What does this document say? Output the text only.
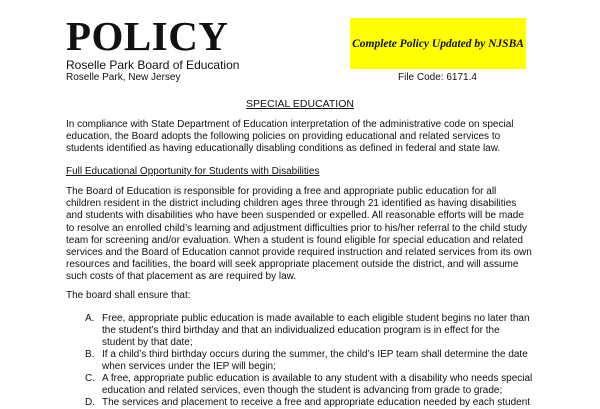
POLICY	Complete Policy Updated by NJSBA
Roselle Park Board of Education
Roselle Park, New Jersey	File Code: 6171.4
SPECIAL EDUCATION

In compliance with State Department of Education interpretation of the administrative code on special education, the Board adopts the following policies on providing educational and related services to students identified as having educationally disabling conditions as defined in federal and state law.

Full Educational Opportunity for Students with Disabilities

The Board of Education is responsible for providing a free and appropriate public education for all children resident in the district including children ages three through 21 identified as having disabilities and students with disabilities who have been suspended or expelled. All reasonable efforts will be made to resolve an enrolled child’s learning and adjustment difficulties prior to his/her referral to the child study team for screening and/or evaluation. When a student is found eligible for special education and related services and the Board of Education cannot provide required instruction and related services from its own resources and facilities, the board will seek appropriate placement outside the district, and will assume such costs of that placement as are required by law.

The board shall ensure that:

A. Free, appropriate public education is made available to each eligible student begins no later than the student’s third birthday and that an individualized education program is in effect for the student by that date;
B. If a child’s third birthday occurs during the summer, the child’s IEP team shall determine the date when services under the IEP will begin;
C. A free, appropriate public education is available to any student with a disability who needs special education and related services, even though the student is advancing from grade to grade;
D. The services and placement to receive a free and appropriate education needed by each student
